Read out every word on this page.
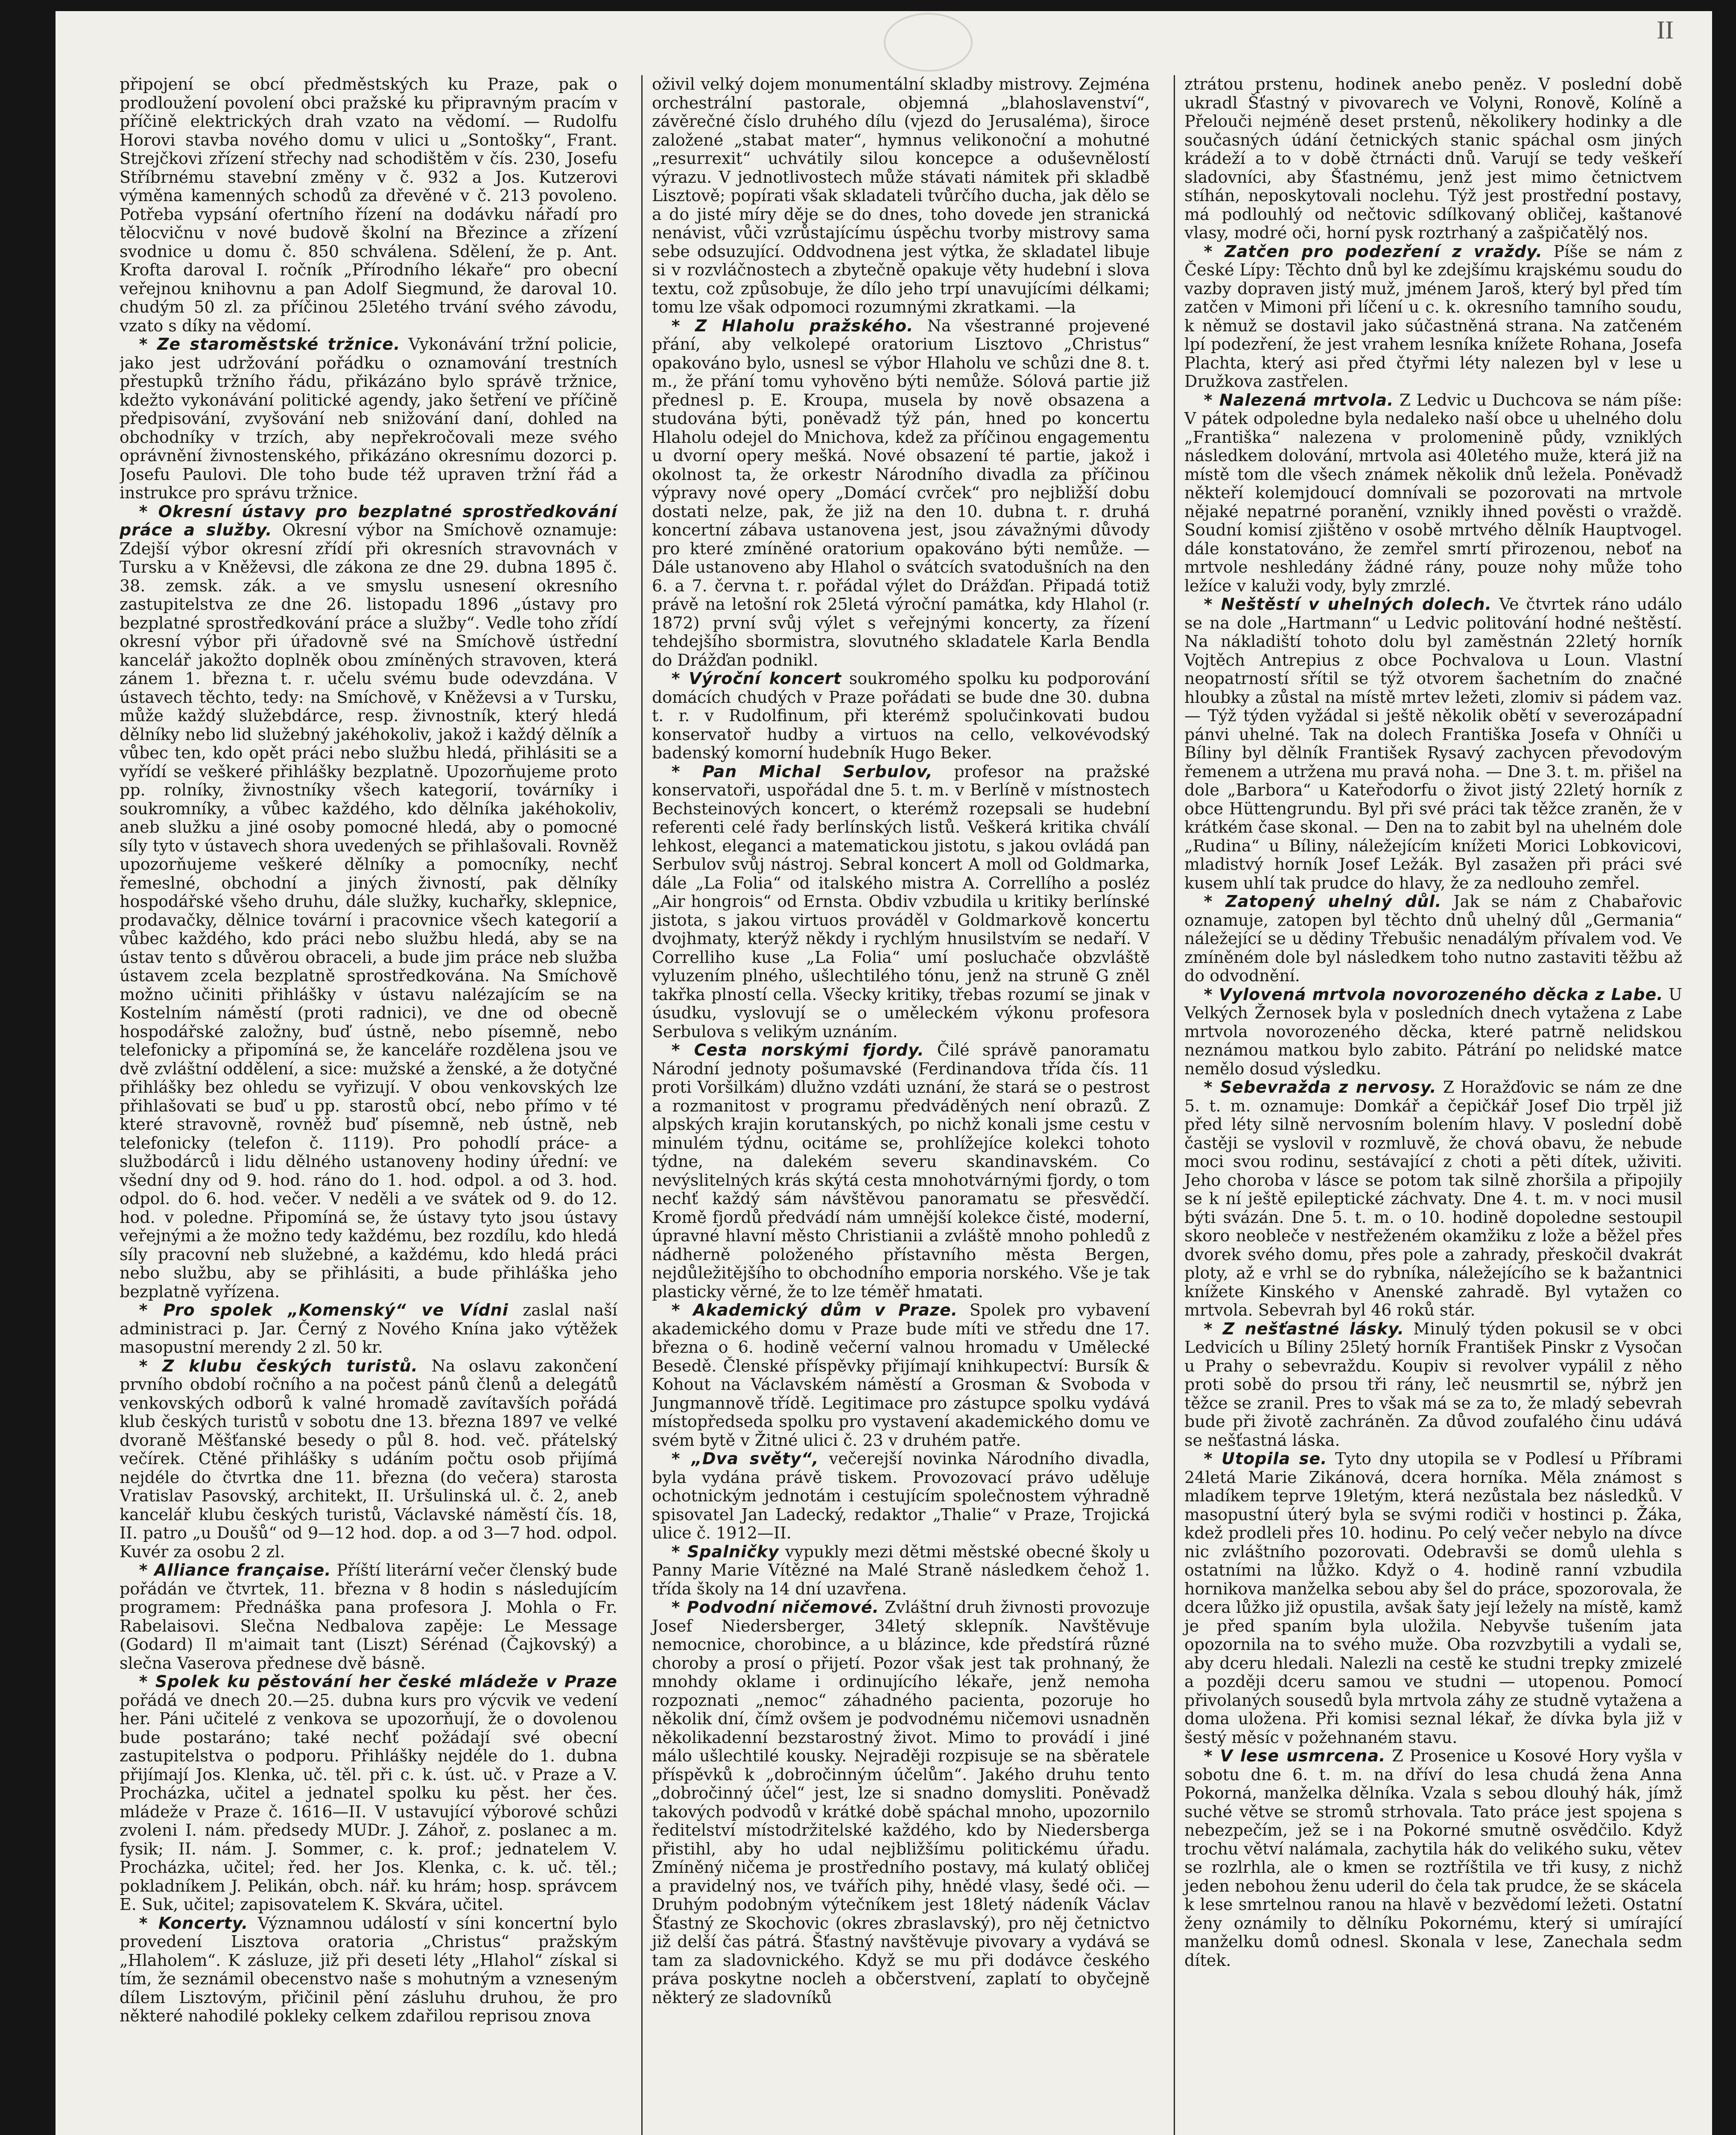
II

připojení se obcí předměstských ku Praze, pak o prodloužení povolení obci pražské ku připravným pracím v příčině elektrických drah vzato na vědomí. — Rudolfu Horovi stavba nového domu v ulici u „Sontošky“, Frant. Strejčkovi zřízení střechy nad schodištěm v čís. 230, Josefu Stříbrnému stavební změny v č. 932 a Jos. Kutzerovi výměna kamenných schodů za dřevěné v č. 213 povoleno. Potřeba vypsání ofertního řízení na dodávku nářadí pro tělocvičnu v nové budově školní na Březince a zřízení svodnice u domu č. 850 schválena. Sdělení, že p. Ant. Krofta daroval I. ročník „Přírodního lékaře“ pro obecní veřejnou knihovnu a pan Adolf Siegmund, že daroval 10. chudým 50 zl. za příčinou 25letého trvání svého závodu, vzato s díky na vědomí.

* Ze staroměstské tržnice. Vykonávání tržní policie, jako jest udržování pořádku o oznamování trestních přestupků tržního řádu, přikázáno bylo správě tržnice, kdežto vykonávání politické agendy, jako šetření ve příčině předpisování, zvyšování neb snižování daní, dohled na obchodníky v trzích, aby nepřekročovali meze svého oprávnění živnostenského, přikázáno okresnímu dozorci p. Josefu Paulovi. Dle toho bude též upraven tržní řád a instrukce pro správu tržnice.

* Okresní ústavy pro bezplatné sprostředkování práce a služby. Okresní výbor na Smíchově oznamuje: Zdejší výbor okresní zřídí při okresních stravovnách v Tursku a v Kněževsi, dle zákona ze dne 29. dubna 1895 č. 38. zemsk. zák. a ve smyslu usnesení okresního zastupitelstva ze dne 26. listopadu 1896 „ústavy pro bezplatné sprostředkování práce a služby“. Vedle toho zřídí okresní výbor při úřadovně své na Smíchově ústřední kancelář jakožto doplněk obou zmíněných stravoven, která zánem 1. března t. r. učelu svému bude odevzdána. V ústavech těchto, tedy: na Smíchově, v Kněževsi a v Tursku, může každý služebdárce, resp. živnostník, který hledá dělníky nebo lid služebný jakéhokoliv, jakož i každý dělník a vůbec ten, kdo opět práci nebo službu hledá, přihlásiti se a vyřídí se veškeré přihlášky bezplatně. Upozorňujeme proto pp. rolníky, živnostníky všech kategorií, továrníky i soukromníky, a vůbec každého, kdo dělníka jakéhokoliv, aneb služku a jiné osoby pomocné hledá, aby o pomocné síly tyto v ústavech shora uvedených se přihlašovali. Rovněž upozorňujeme veškeré dělníky a pomocníky, nechť řemeslné, obchodní a jiných živností, pak dělníky hospodářské všeho druhu, dále služky, kuchařky, sklepnice, prodavačky, dělnice tovární i pracovnice všech kategorií a vůbec každého, kdo práci nebo službu hledá, aby se na ústav tento s důvěrou obraceli, a bude jim práce neb služba ústavem zcela bezplatně sprostředkována. Na Smíchově možno učiniti přihlášky v ústavu nalézajícím se na Kostelním náměstí (proti radnici), ve dne od obecně hospodářské založny, buď ústně, nebo písemně, nebo telefonicky a připomíná se, že kanceláře rozdělena jsou ve dvě zvláštní oddělení, a sice: mužské a ženské, a že dotyčné přihlášky bez ohledu se vyřizují. V obou venkovských lze přihlašovati se buď u pp. starostů obcí, nebo přímo v té které stravovně, rovněž buď písemně, neb ústně, neb telefonicky (telefon č. 1119). Pro pohodlí práce- a službodárců i lidu dělného ustanoveny hodiny úřední: ve všední dny od 9. hod. ráno do 1. hod. odpol. a od 3. hod. odpol. do 6. hod. večer. V neděli a ve svátek od 9. do 12. hod. v poledne. Připomíná se, že ústavy tyto jsou ústavy veřejnými a že možno tedy každému, bez rozdílu, kdo hledá síly pracovní neb služebné, a každému, kdo hledá práci nebo službu, aby se přihlásiti, a bude přihláška jeho bezplatně vyřízena.

* Pro spolek „Komenský“ ve Vídni zaslal naší administraci p. Jar. Černý z Nového Knína jako výtěžek masopustní merendy 2 zl. 50 kr.

* Z klubu českých turistů. Na oslavu zakončení prvního období ročního a na počest pánů členů a delegátů venkovských odborů k valné hromadě zavítavších pořádá klub českých turistů v sobotu dne 13. března 1897 ve velké dvoraně Měšťanské besedy o půl 8. hod. več. přátelský večírek. Ctěné přihlášky s udáním počtu osob přijímá nejdéle do čtvrtka dne 11. března (do večera) starosta Vratislav Pasovský, architekt, II. Uršulinská ul. č. 2, aneb kancelář klubu českých turistů, Václavské náměstí čís. 18, II. patro „u Doušů“ od 9—12 hod. dop. a od 3—7 hod. odpol. Kuvér za osobu 2 zl.

* Alliance française. Příští literární večer členský bude pořádán ve čtvrtek, 11. března v 8 hodin s následujícím programem: Přednáška pana profesora J. Mohla o Fr. Rabelaisovi. Slečna Nedbalova zapěje: Le Message (Godard) Il m'aimait tant (Liszt) Sérénad (Čajkovský) a slečna Vaserova přednese dvě básně.

* Spolek ku pěstování her české mládeže v Praze pořádá ve dnech 20.—25. dubna kurs pro výcvik ve vedení her. Páni učitelé z venkova se upozorňují, že o dovolenou bude postaráno; také nechť požádají své obecní zastupitelstva o podporu. Přihlášky nejdéle do 1. dubna přijímají Jos. Klenka, uč. těl. při c. k. úst. uč. v Praze a V. Procházka, učitel a jednatel spolku ku pěst. her čes. mládeže v Praze č. 1616—II. V ustavující výborové schůzi zvoleni I. nám. předsedy MUDr. J. Záhoř, z. poslanec a m. fysik; II. nám. J. Sommer, c. k. prof.; jednatelem V. Procházka, učitel; řed. her Jos. Klenka, c. k. uč. těl.; pokladníkem J. Pelikán, obch. nář. ku hrám; hosp. správcem E. Suk, učitel; zapisovatelem K. Skvára, učitel.

* Koncerty. Významnou událostí v síni koncertní bylo provedení Lisztova oratoria „Christus“ pražským „Hlaholem“. K zásluze, již při deseti léty „Hlahol“ získal si tím, že seznámil obecenstvo naše s mohutným a vzneseným dílem Lisztovým, přičinil pění zásluhu druhou, že pro některé nahodilé pokleky celkem zdařilou reprisou znova

oživil velký dojem monumentální skladby mistrovy. Zejména orchestrální pastorale, objemná „blahoslavenství“, závěrečné číslo druhého dílu (vjezd do Jerusaléma), široce založené „stabat mater“, hymnus velikonoční a mohutné „resurrexit“ uchvátily silou koncepce a oduševnělostí výrazu. V jednotlivostech může stávati námitek při skladbě Lisztově; popírati však skladateli tvůrčího ducha, jak dělo se a do jisté míry děje se do dnes, toho dovede jen stranická nenávist, vůči vzrůstajícímu úspěchu tvorby mistrovy sama sebe odsuzující. Oddvodnena jest výtka, že skladatel libuje si v rozvláčnostech a zbytečně opakuje věty hudební i slova textu, což způsobuje, že dílo jeho trpí unavujícími délkami; tomu lze však odpomoci rozumnými zkratkami. —la

* Z Hlaholu pražského. Na všestranné projevené přání, aby velkolepé oratorium Lisztovo „Christus“ opakováno bylo, usnesl se výbor Hlaholu ve schůzi dne 8. t. m., že přání tomu vyhověno býti nemůže. Sólová partie již přednesl p. E. Kroupa, musela by nově obsazena a studována býti, poněvadž týž pán, hned po koncertu Hlaholu odejel do Mnichova, kdež za příčinou engagementu u dvorní opery mešká. Nové obsazení té partie, jakož i okolnost ta, že orkestr Národního divadla za příčinou výpravy nové opery „Domácí cvrček“ pro nejbližší dobu dostati nelze, pak, že již na den 10. dubna t. r. druhá koncertní zábava ustanovena jest, jsou závažnými důvody pro které zmíněné oratorium opakováno býti nemůže. — Dále ustanoveno aby Hlahol o svátcích svatodušních na den 6. a 7. června t. r. pořádal výlet do Drážďan. Připadá totiž právě na letošní rok 25letá výroční památka, kdy Hlahol (r. 1872) první svůj výlet s veřejnými koncerty, za řízení tehdejšího sbormistra, slovutného skladatele Karla Bendla do Drážďan podnikl.

* Výroční koncert soukromého spolku ku podporování domácích chudých v Praze pořádati se bude dne 30. dubna t. r. v Rudolfinum, při kterémž spolučinkovati budou konservatoř hudby a virtuos na cello, velkovévodský badenský komorní hudebník Hugo Beker.

* Pan Michal Serbulov, profesor na pražské konservatoři, uspořádal dne 5. t. m. v Berlíně v místnostech Bechsteinových koncert, o kterémž rozepsali se hudební referenti celé řady berlínských listů. Veškerá kritika chválí lehkost, eleganci a matematickou jistotu, s jakou ovládá pan Serbulov svůj nástroj. Sebral koncert A moll od Goldmarka, dále „La Folia“ od italského mistra A. Correllího a posléz „Air hongrois“ od Ernsta. Obdiv vzbudila u kritiky berlínské jistota, s jakou virtuos prováděl v Goldmarkově koncertu dvojhmaty, kterýž někdy i rychlým hnusilstvím se nedaří. V Correlliho kuse „La Folia“ umí posluchače obzvláště vyluzením plného, ušlechtilého tónu, jenž na struně G zněl takřka plností cella. Všecky kritiky, třebas rozumí se jinak v úsudku, vyslovují se o uměleckém výkonu profesora Serbulova s velikým uznáním.

* Cesta norskými fjordy. Čilé správě panoramatu Národní jednoty pošumavské (Ferdinandova třída čís. 11 proti Voršilkám) dlužno vzdáti uznání, že stará se o pestrost a rozmanitost v programu předváděných není obrazů. Z alpských krajin korutanských, po nichž konali jsme cestu v minulém týdnu, ocitáme se, prohlížejíce kolekci tohoto týdne, na dalekém severu skandinavském. Co nevýslitelných krás skýtá cesta mnohotvárnými fjordy, o tom nechť každý sám návštěvou panoramatu se přesvědčí. Kromě fjordů předvádí nám umnější kolekce čisté, moderní, úpravné hlavní město Christianii a zvláště mnoho pohledů z nádherně položeného přístavního města Bergen, nejdůležitějšího to obchodního emporia norského. Vše je tak plasticky věrné, že to lze téměř hmatati.

* Akademický dům v Praze. Spolek pro vybavení akademického domu v Praze bude míti ve středu dne 17. března o 6. hodině večerní valnou hromadu v Umělecké Besedě. Členské příspěvky přijímají knihkupectví: Bursík & Kohout na Václavském náměstí a Grosman & Svoboda v Jungmannově třídě. Legitimace pro zástupce spolku vydává místopředseda spolku pro vystavení akademického domu ve svém bytě v Žitné ulici č. 23 v druhém patře.

* „Dva světy“, večerejší novinka Národního divadla, byla vydána právě tiskem. Provozovací právo uděluje ochotnickým jednotám i cestujícím společnostem výhradně spisovatel Jan Ladecký, redaktor „Thalie“ v Praze, Trojická ulice č. 1912—II.

* Spalničky vypukly mezi dětmi městské obecné školy u Panny Marie Vítězné na Malé Straně následkem čehož 1. třída školy na 14 dní uzavřena.

* Podvodní ničemové. Zvláštní druh živnosti provozuje Josef Niedersberger, 34letý sklepník. Navštěvuje nemocnice, chorobince, a u blázince, kde předstírá různé choroby a prosí o přijetí. Pozor však jest tak prohnaný, že mnohdy oklame i ordinujícího lékaře, jenž nemoha rozpoznati „nemoc“ záhadného pacienta, pozoruje ho několik dní, čímž ovšem je podvodnému ničemovi usnadněn několikadenní bezstarostný život. Mimo to provádí i jiné málo ušlechtilé kousky. Nejraději rozpisuje se na sběratele příspěvků k „dobročinným účelům“. Jakého druhu tento „dobročinný účel“ jest, lze si snadno domysliti. Poněvadž takových podvodů v krátké době spáchal mnoho, upozornilo ředitelství místodržitelské každého, kdo by Niedersberga přistihl, aby ho udal nejbližšímu politickému úřadu. Zmíněný ničema je prostředního postavy, má kulatý obličej a pravidelný nos, ve tvářích pihy, hnědé vlasy, šedé oči. — Druhým podobným výtečníkem jest 18letý nádeník Václav Šťastný ze Skochovic (okres zbraslavský), pro něj četnictvo již delší čas pátrá. Šťastný navštěvuje pivovary a vydává se tam za sladovnického. Když se mu při dodávce českého práva poskytne nocleh a občerstvení, zaplatí to obyčejně některý ze sladovníků

ztrátou prstenu, hodinek anebo peněz. V poslední době ukradl Šťastný v pivovarech ve Volyni, Ronově, Kolíně a Přelouči nejméně deset prstenů, několikery hodinky a dle současných údání četnických stanic spáchal osm jiných krádeží a to v době čtrnácti dnů. Varují se tedy veškeří sladovníci, aby Šťastnému, jenž jest mimo četnictvem stíhán, neposkytovali noclehu. Týž jest prostřední postavy, má podlouhlý od nečtovic sdílkovaný obličej, kaštanové vlasy, modré oči, horní pysk roztrhaný a zašpičatělý nos.

* Zatčen pro podezření z vraždy. Píše se nám z České Lípy: Těchto dnů byl ke zdejšímu krajskému soudu do vazby dopraven jistý muž, jménem Jaroš, který byl před tím zatčen v Mimoni při líčení u c. k. okresního tamního soudu, k němuž se dostavil jako súčastněná strana. Na zatčeném lpí podezření, že jest vrahem lesníka knížete Rohana, Josefa Plachta, který asi před čtyřmi léty nalezen byl v lese u Družkova zastřelen.

* Nalezená mrtvola. Z Ledvic u Duchcova se nám píše: V pátek odpoledne byla nedaleko naší obce u uhelného dolu „Františka“ nalezena v prolomenině půdy, vzniklých následkem dolování, mrtvola asi 40letého muže, která již na místě tom dle všech známek několik dnů ležela. Poněvadž někteří kolemjdoucí domnívali se pozorovati na mrtvole nějaké nepatrné poranění, vznikly ihned pověsti o vraždě. Soudní komisí zjištěno v osobě mrtvého dělník Hauptvogel. dále konstatováno, že zemřel smrtí přirozenou, neboť na mrtvole neshledány žádné rány, pouze nohy může toho ležíce v kaluži vody, byly zmrzlé.

* Neštěstí v uhelných dolech. Ve čtvrtek ráno událo se na dole „Hartmann“ u Ledvic politování hodné neštěstí. Na nákladiští tohoto dolu byl zaměstnán 22letý horník Vojtěch Antrepius z obce Pochvalova u Loun. Vlastní neopatrností sřítil se týž otvorem šachetním do značné hloubky a zůstal na místě mrtev ležeti, zlomiv si pádem vaz. — Týž týden vyžádal si ještě několik obětí v severozápadní pánvi uhelné. Tak na dolech Františka Josefa v Ohníči u Bíliny byl dělník František Rysavý zachycen převodovým řemenem a utržena mu pravá noha. — Dne 3. t. m. přišel na dole „Barbora“ u Kateřodorfu o život jistý 22letý horník z obce Hüttengrundu. Byl při své práci tak těžce zraněn, že v krátkém čase skonal. — Den na to zabit byl na uhelném dole „Rudina“ u Bíliny, náležejícím knížeti Morici Lobkovicovi, mladistvý horník Josef Ležák. Byl zasažen při práci své kusem uhlí tak prudce do hlavy, že za nedlouho zemřel.

* Zatopený uhelný důl. Jak se nám z Chabařovic oznamuje, zatopen byl těchto dnů uhelný důl „Germania“ náležející se u dědiny Třebušic nenadálým přívalem vod. Ve zmíněném dole byl následkem toho nutno zastaviti těžbu až do odvodnění.

* Vylovená mrtvola novorozeného děcka z Labe. U Velkých Žernosek byla v posledních dnech vytažena z Labe mrtvola novorozeného děcka, které patrně nelidskou neznámou matkou bylo zabito. Pátrání po nelidské matce nemělo dosud výsledku.

* Sebevražda z nervosy. Z Horažďovic se nám ze dne 5. t. m. oznamuje: Domkář a čepičkář Josef Dio trpěl již před léty silně nervosním bolením hlavy. V poslední době častěji se vyslovil v rozmluvě, že chová obavu, že nebude moci svou rodinu, sestávající z choti a pěti dítek, uživiti. Jeho choroba v lásce se potom tak silně zhoršila a připojily se k ní ještě epileptické záchvaty. Dne 4. t. m. v noci musil býti svázán. Dne 5. t. m. o 10. hodině dopoledne sestoupil skoro neobleče v nestřeženém okamžiku z lože a běžel přes dvorek svého domu, přes pole a zahrady, přeskočil dvakrát ploty, až e vrhl se do rybníka, náležejícího se k bažantnici knížete Kinského v Anenské zahradě. Byl vytažen co mrtvola. Sebevrah byl 46 roků stár.

* Z nešťastné lásky. Minulý týden pokusil se v obci Ledvicích u Bíliny 25letý horník František Pinskr z Vysočan u Prahy o sebevraždu. Koupiv si revolver vypálil z něho proti sobě do prsou tři rány, leč neusmrtil se, nýbrž jen těžce se zranil. Pres to však má se za to, že mladý sebevrah bude při životě zachráněn. Za důvod zoufalého činu udává se nešťastná láska.

* Utopila se. Tyto dny utopila se v Podlesí u Příbrami 24letá Marie Zikánová, dcera horníka. Měla známost s mladíkem teprve 19letým, která nezůstala bez následků. V masopustní úterý byla se svými rodiči v hostinci p. Žáka, kdež prodleli přes 10. hodinu. Po celý večer nebylo na dívce nic zvláštního pozorovati. Odebravši se domů ulehla s ostatními na lůžko. Když o 4. hodině ranní vzbudila hornikova manželka sebou aby šel do práce, spozorovala, že dcera lůžko již opustila, avšak šaty její ležely na místě, kamž je před spaním byla uložila. Nebyvše tušením jata opozornila na to svého muže. Oba rozvzbytili a vydali se, aby dceru hledali. Nalezli na cestě ke studni trepky zmizelé a později dceru samou ve studni — utopenou. Pomocí přivolaných sousedů byla mrtvola záhy ze studně vytažena a doma uložena. Při komisi seznal lékař, že dívka byla již v šestý měsíc v požehnaném stavu.

* V lese usmrcena. Z Prosenice u Kosové Hory vyšla v sobotu dne 6. t. m. na dříví do lesa chudá žena Anna Pokorná, manželka dělníka. Vzala s sebou dlouhý hák, jímž suché větve se stromů strhovala. Tato práce jest spojena s nebezpečím, jež se i na Pokorné smutně osvědčilo. Když trochu větví nalámala, zachytila hák do velikého suku, větev se rozlrhla, ale o kmen se roztříštila ve tři kusy, z nichž jeden nebohou ženu uderil do čela tak prudce, že se skácela k lese smrtelnou ranou na hlavě v bezvědomí ležeti. Ostatní ženy oznámily to dělníku Pokornému, který si umírající manželku domů odnesl. Skonala v lese, Zanechala sedm dítek.
